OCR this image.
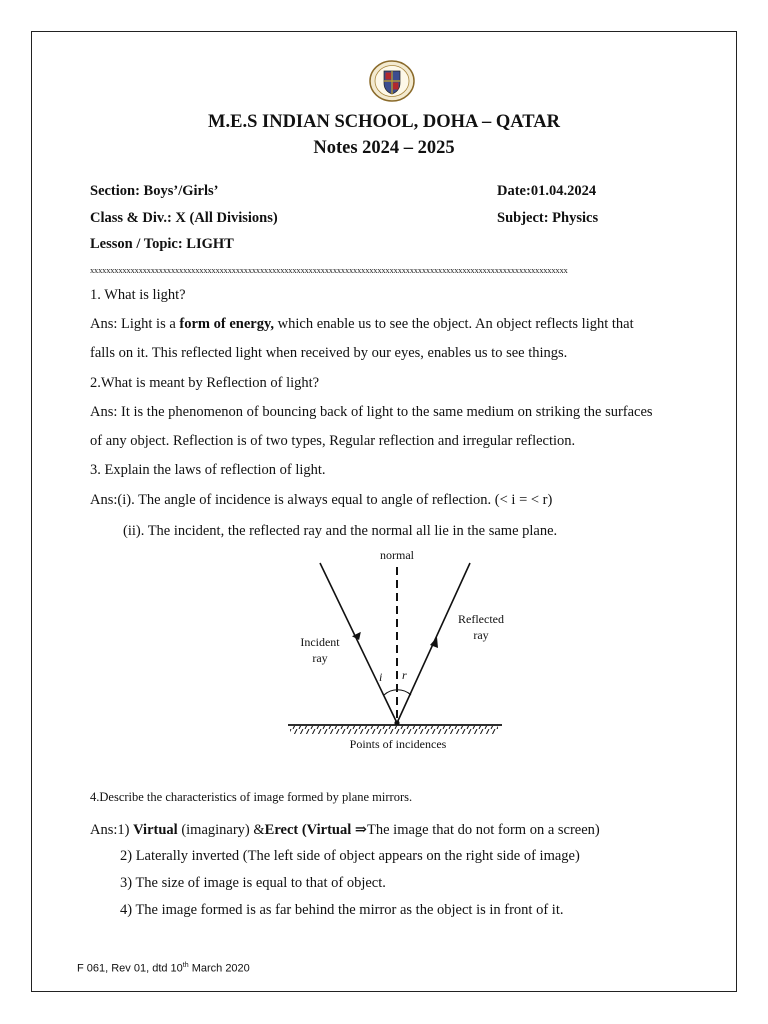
M.E.S INDIAN SCHOOL, DOHA – QATAR
Notes 2024 – 2025
Section: Boys’/Girls’	Date:01.04.2024
Class & Div.: X (All Divisions)	Subject: Physics
Lesson / Topic: LIGHT
xxxxxxxxxxxxxxxxxxxxxxxxxxxxxxxxxxxxxxxxxxxxxxxxxxxxxxxxxxxxxxxxxxxxxxxxxxxxxxxxxxxxxxxxxxxxxxxxxxxxxxxxxxxxxxxxxxxxxx
1. What is light?
Ans: Light is a form of energy, which enable us to see the object. An object reflects light that
falls on it. This reflected light when received by our eyes, enables us to see things.
2.What is meant by Reflection of light?
Ans: It is the phenomenon of bouncing back of light to the same medium on striking the surfaces
of any object. Reflection is of two types, Regular reflection and irregular reflection.
3. Explain the laws of reflection of light.
Ans:(i). The angle of incidence is always equal to angle of reflection. (< i = < r)
(ii). The incident, the reflected ray and the normal all lie in the same plane.
normal
i r
Incident
ray
Reflected
ray
Points of incidences
4.Describe the characteristics of image formed by plane mirrors.
Ans:1) Virtual (imaginary) &Erect (Virtual ⇒The image that do not form on a screen)
2) Laterally inverted (The left side of object appears on the right side of image)
3) The size of image is equal to that of object.
4) The image formed is as far behind the mirror as the object is in front of it.
F 061, Rev 01, dtd 10th March 2020
